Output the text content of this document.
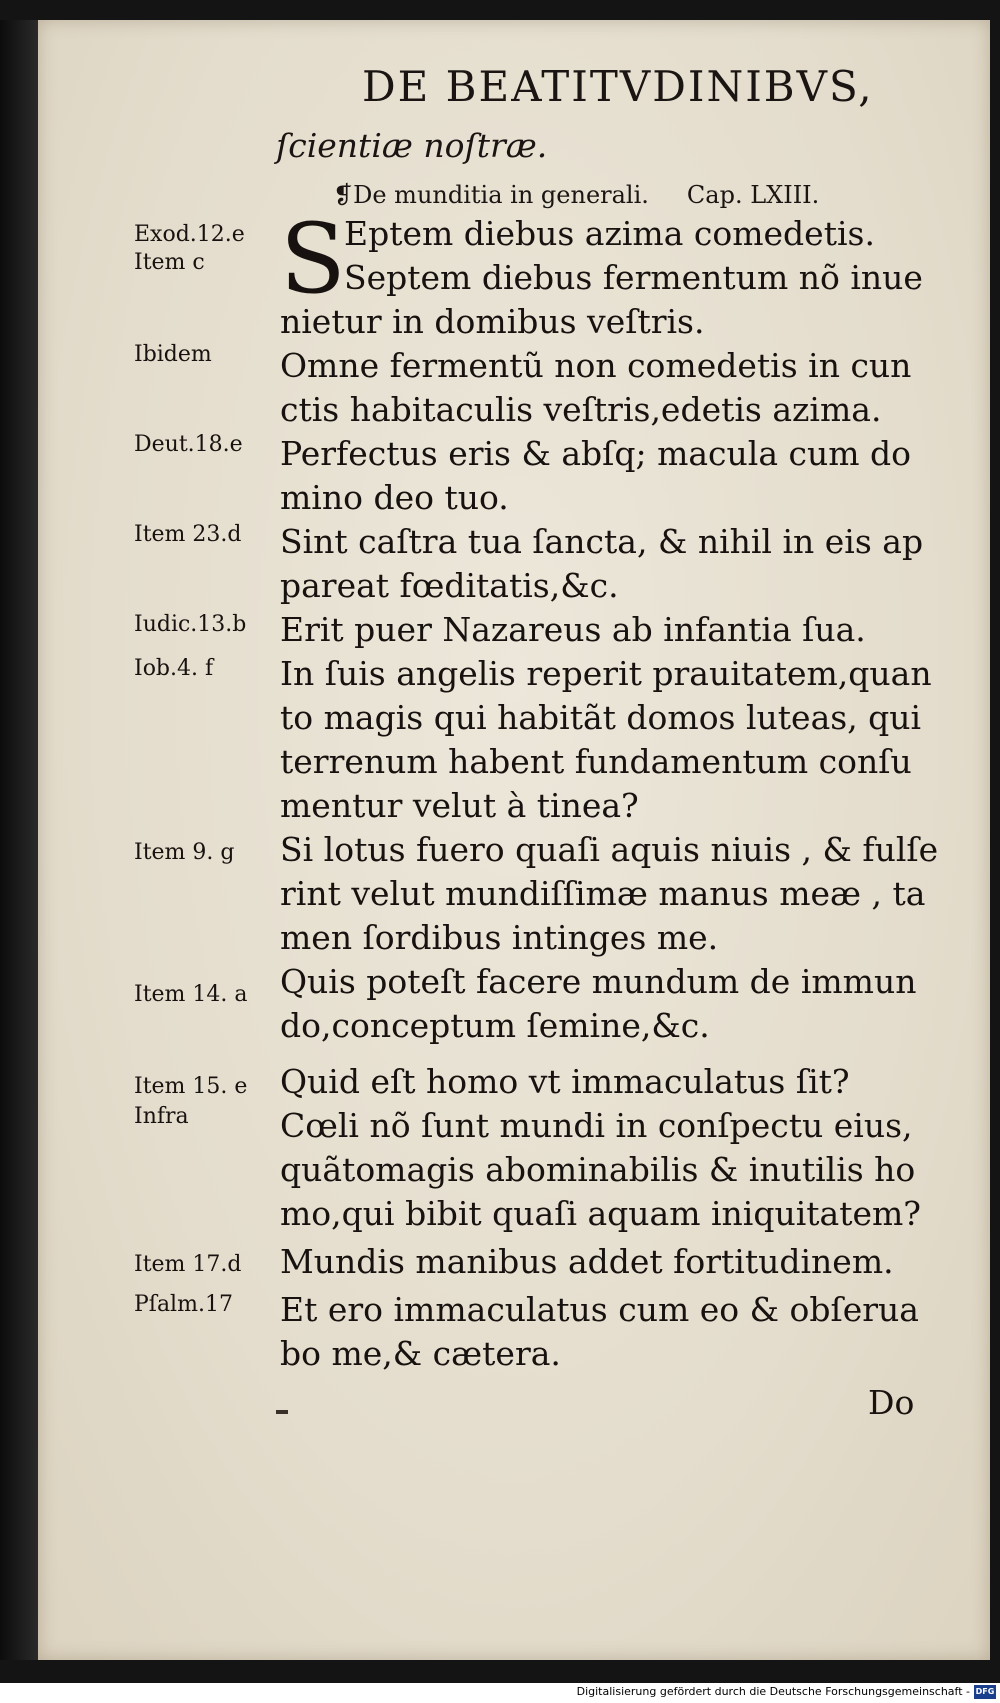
DE BEATITVDINIBVS,
ſcientiæ noſtræ.
❡De munditia in generali. Cap. LXIII.
S
Eptem diebus azima comedetis.
Septem diebus fermentum nõ inue
nietur in domibus veſtris.
Omne fermentũ non comedetis in cun
ctis habitaculis veſtris,edetis azima.
Perfectus eris & abſq; macula cum do
mino deo tuo.
Sint caſtra tua ſancta, & nihil in eis ap
pareat fœditatis,&c.
Erit puer Nazareus ab infantia ſua.
In ſuis angelis reperit prauitatem,quan
to magis qui habitãt domos luteas, qui
terrenum habent fundamentum conſu
mentur velut à tinea?
Si lotus fuero quaſi aquis niuis , & fulſe
rint velut mundiſſimæ manus meæ , ta
men ſordibus intinges me.
Quis poteſt facere mundum de immun
do,conceptum ſemine,&c.
Quid eſt homo vt immaculatus ſit?
Cœli nõ ſunt mundi in conſpectu eius,
quãtomagis abominabilis & inutilis ho
mo,qui bibit quaſi aquam iniquitatem?
Mundis manibus addet fortitudinem.
Et ero immaculatus cum eo & obſerua
bo me,& cætera.
Exod.12.e
Item c
Ibidem
Deut.18.e
Item 23.d
Iudic.13.b
Iob.4. f
Item 9. g
Item 14. a
Item 15. e
Infra
Item 17.d
Pſalm.17
Do
Digitalisierung gefördert durch die Deutsche Forschungsgemeinschaft - DFG
